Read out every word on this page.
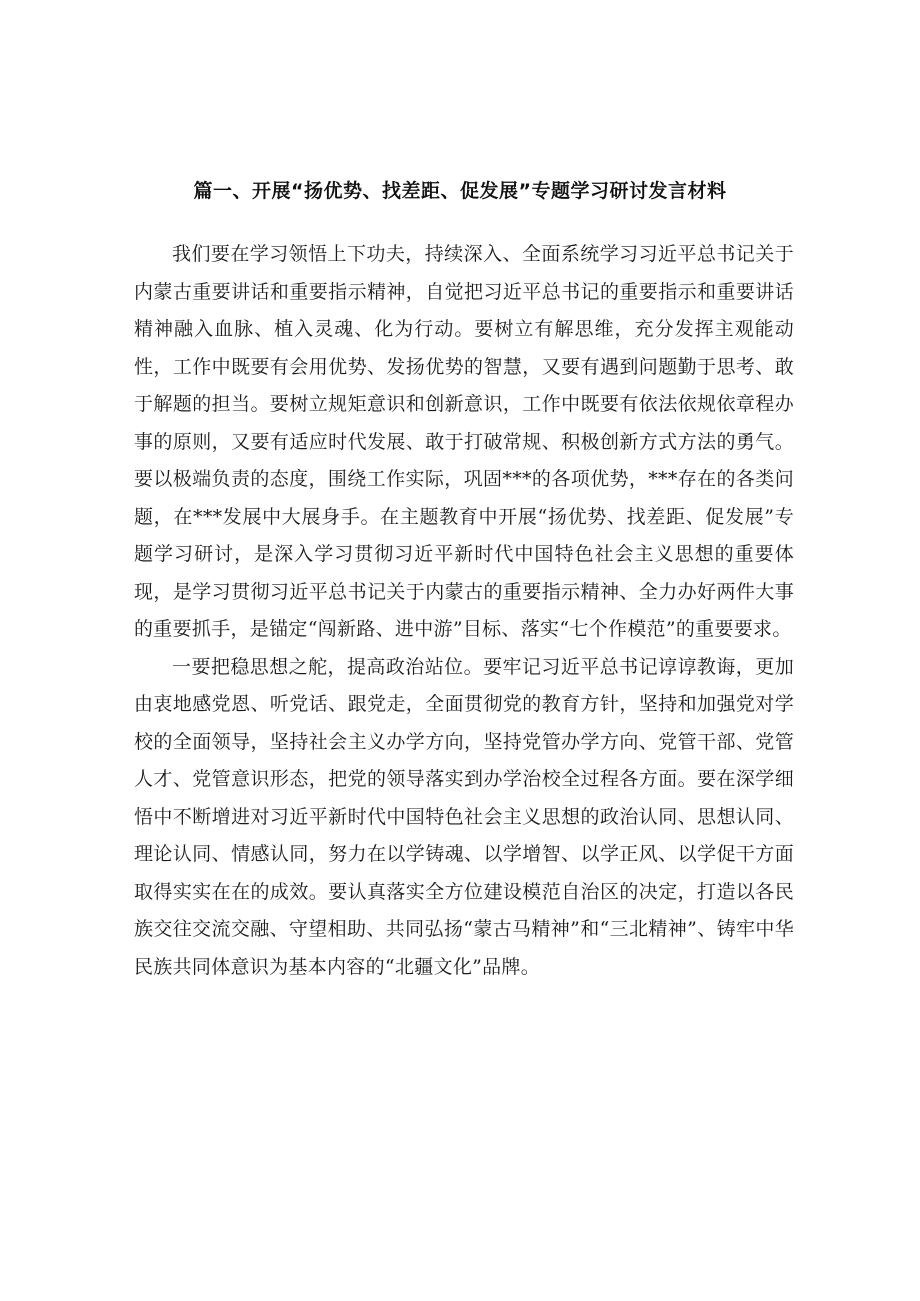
篇一、开展“扬优势、找差距、促发展”专题学习研讨发言材料

我们要在学习领悟上下功夫，持续深入、全面系统学习习近平总书记关于内蒙古重要讲话和重要指示精神，自觉把习近平总书记的重要指示和重要讲话精神融入血脉、植入灵魂、化为行动。要树立有解思维，充分发挥主观能动性，工作中既要有会用优势、发扬优势的智慧，又要有遇到问题勤于思考、敢于解题的担当。要树立规矩意识和创新意识，工作中既要有依法依规依章程办事的原则，又要有适应时代发展、敢于打破常规、积极创新方式方法的勇气。要以极端负责的态度，围绕工作实际，巩固***的各项优势，***存在的各类问题，在***发展中大展身手。在主题教育中开展“扬优势、找差距、促发展”专题学习研讨，是深入学习贯彻习近平新时代中国特色社会主义思想的重要体现，是学习贯彻习近平总书记关于内蒙古的重要指示精神、全力办好两件大事的重要抓手，是锚定“闯新路、进中游”目标、落实“七个作模范”的重要要求。

一要把稳思想之舵，提高政治站位。要牢记习近平总书记谆谆教诲，更加由衷地感党恩、听党话、跟党走，全面贯彻党的教育方针，坚持和加强党对学校的全面领导，坚持社会主义办学方向，坚持党管办学方向、党管干部、党管人才、党管意识形态，把党的领导落实到办学治校全过程各方面。要在深学细悟中不断增进对习近平新时代中国特色社会主义思想的政治认同、思想认同、理论认同、情感认同，努力在以学铸魂、以学增智、以学正风、以学促干方面取得实实在在的成效。要认真落实全方位建设模范自治区的决定，打造以各民族交往交流交融、守望相助、共同弘扬“蒙古马精神”和“三北精神”、铸牢中华民族共同体意识为基本内容的“北疆文化”品牌。
